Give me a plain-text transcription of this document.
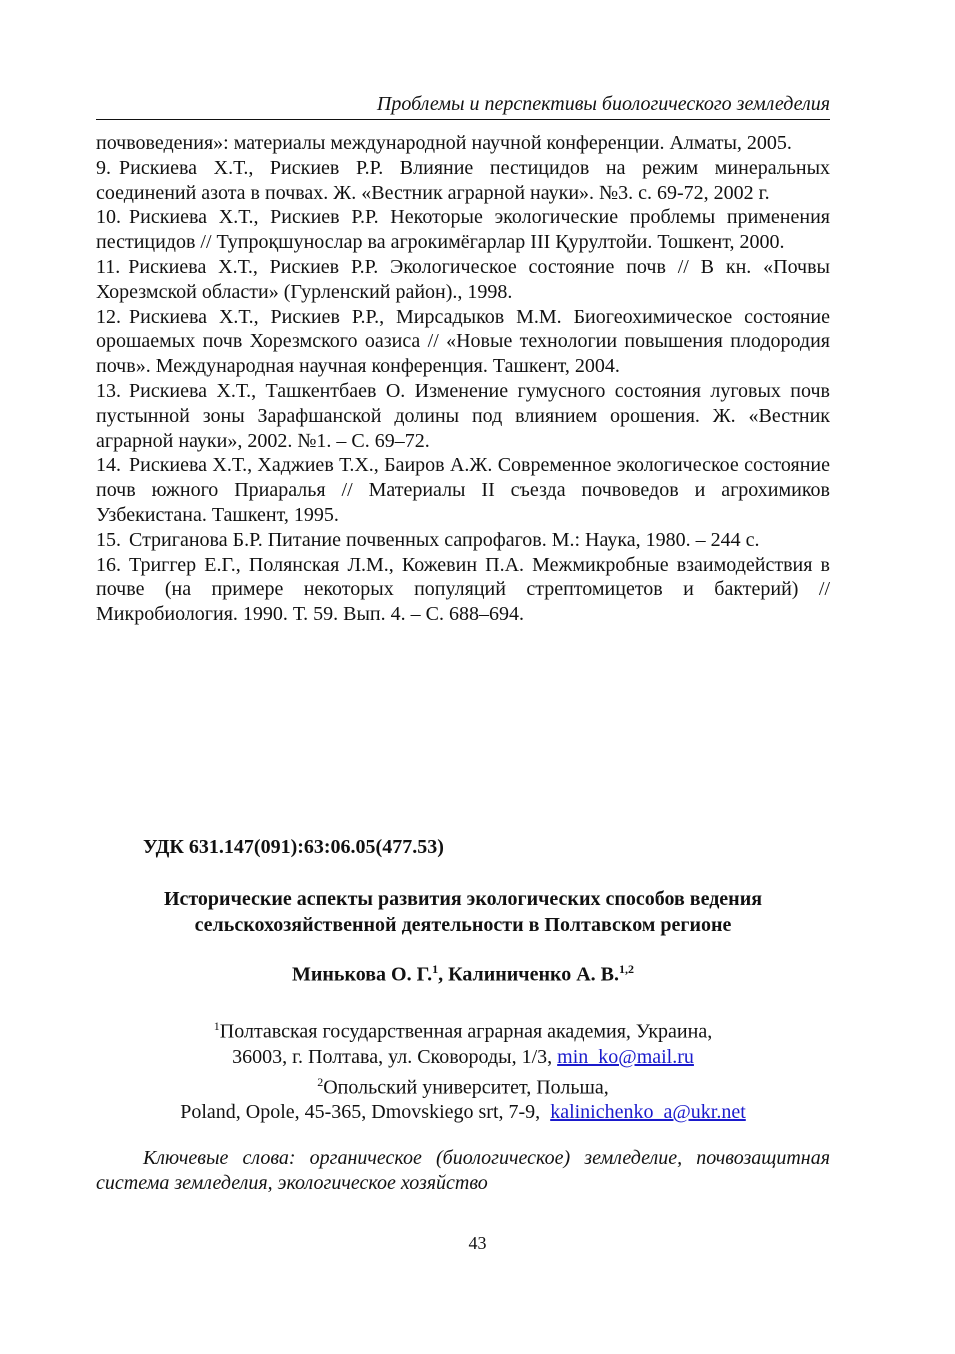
Проблемы и перспективы биологического земледелия

почвоведения»: материалы международной научной конференции. Алматы, 2005.

9. Рискиева Х.Т., Рискиев Р.Р. Влияние пестицидов на режим минеральных соединений азота в почвах. Ж. «Вестник аграрной науки». №3. с. 69-72, 2002 г.

10. Рискиева Х.Т., Рискиев Р.Р. Некоторые экологические проблемы применения пестицидов // Тупроқшунослар ва агрокимёгарлар III Қурултойи. Тошкент, 2000.

11. Рискиева Х.Т., Рискиев Р.Р. Экологическое состояние почв // В кн. «Почвы Хорезмской области» (Гурленский район)., 1998.

12. Рискиева Х.Т., Рискиев Р.Р., Мирсадыков М.М. Биогеохимическое состояние орошаемых почв Хорезмского оазиса // «Новые технологии повышения плодородия почв». Международная научная конференция. Ташкент, 2004.

13. Рискиева Х.Т., Ташкентбаев О. Изменение гумусного состояния луговых почв пустынной зоны Зарафшанской долины под влиянием орошения. Ж. «Вестник аграрной науки», 2002. №1. – С. 69–72.

14. Рискиева Х.Т., Хаджиев Т.Х., Баиров А.Ж. Современное экологическое состояние почв южного Приаралья // Материалы II съезда почвоведов и агрохимиков Узбекистана. Ташкент, 1995.

15. Стриганова Б.Р. Питание почвенных сапрофагов. М.: Наука, 1980. – 244 с.

16. Триггер Е.Г., Полянская Л.М., Кожевин П.А. Межмикробные взаимодействия в почве (на примере некоторых популяций стрептомицетов и бактерий) // Микробиология. 1990. Т. 59. Вып. 4. – С. 688–694.

УДК 631.147(091):63:06.05(477.53)
Исторические аспекты развития экологических способов ведения
сельскохозяйственной деятельности в Полтавском регионе
Минькова О. Г.$^1$, Калиниченко А. В.$^{1,2}$
$^1$Полтавская государственная аграрная академия, Украина,
36003, г. Полтава, ул. Сковороды, 1/3, min_ko@mail.ru
$^2$Опольский университет, Польша,
Poland, Opole, 45-365, Dmovskiego srt, 7-9,  kalinichenko_a@ukr.net
Ключевые слова: органическое (биологическое) земледелие, почвозащитная система земледелия, экологическое хозяйство
43
